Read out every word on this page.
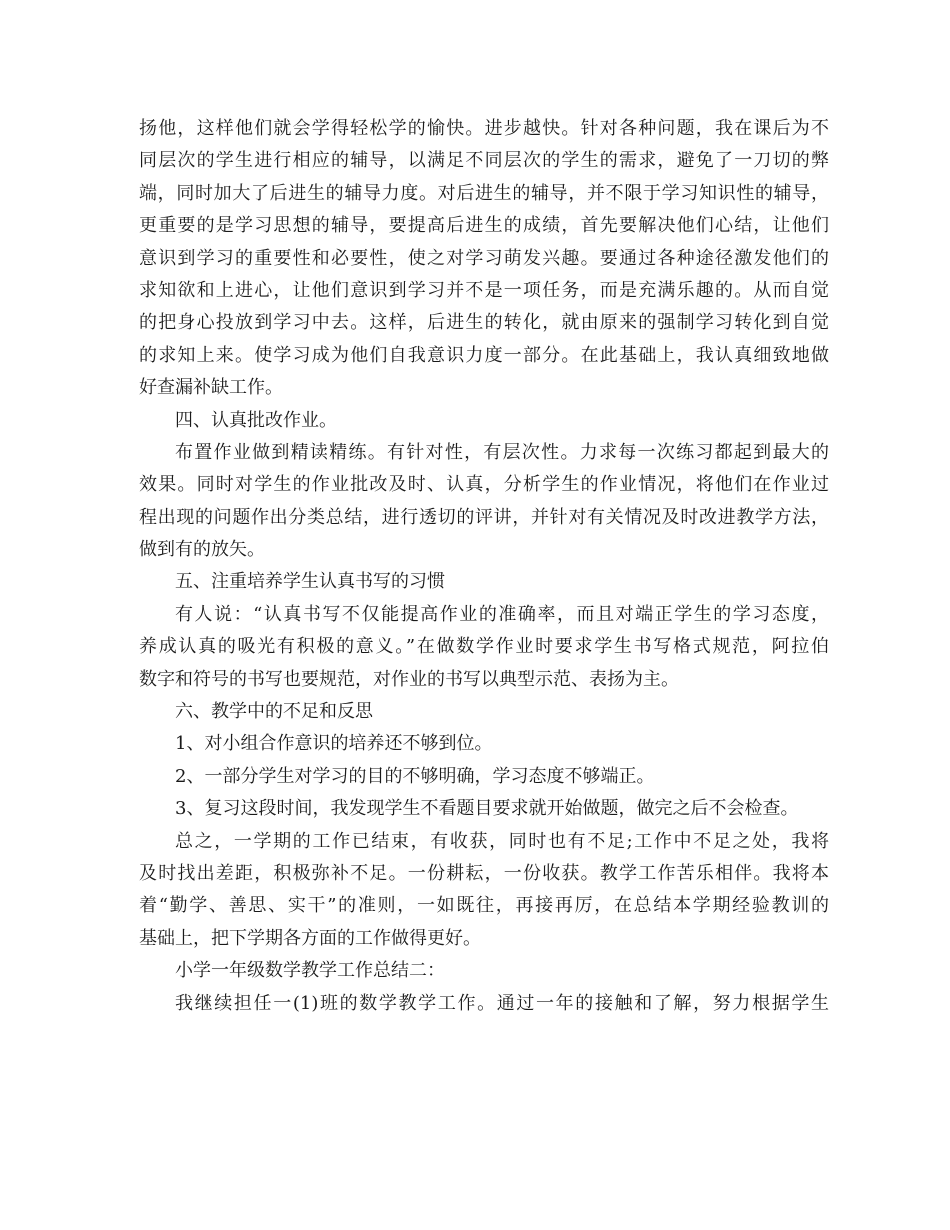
扬他，这样他们就会学得轻松学的愉快。进步越快。针对各种问题，我在课后为不
同层次的学生进行相应的辅导，以满足不同层次的学生的需求，避免了一刀切的弊
端，同时加大了后进生的辅导力度。对后进生的辅导，并不限于学习知识性的辅导，
更重要的是学习思想的辅导，要提高后进生的成绩，首先要解决他们心结，让他们
意识到学习的重要性和必要性，使之对学习萌发兴趣。要通过各种途径激发他们的
求知欲和上进心，让他们意识到学习并不是一项任务，而是充满乐趣的。从而自觉
的把身心投放到学习中去。这样，后进生的转化，就由原来的强制学习转化到自觉
的求知上来。使学习成为他们自我意识力度一部分。在此基础上，我认真细致地做
好查漏补缺工作。
四、认真批改作业。
布置作业做到精读精练。有针对性，有层次性。力求每一次练习都起到最大的
效果。同时对学生的作业批改及时、认真，分析学生的作业情况，将他们在作业过
程出现的问题作出分类总结，进行透切的评讲，并针对有关情况及时改进教学方法，
做到有的放矢。
五、注重培养学生认真书写的习惯
有人说：“认真书写不仅能提高作业的准确率，而且对端正学生的学习态度，
养成认真的吸光有积极的意义。”在做数学作业时要求学生书写格式规范，阿拉伯
数字和符号的书写也要规范，对作业的书写以典型示范、表扬为主。
六、教学中的不足和反思
1、对小组合作意识的培养还不够到位。
2、一部分学生对学习的目的不够明确，学习态度不够端正。
3、复习这段时间，我发现学生不看题目要求就开始做题，做完之后不会检查。
总之，一学期的工作已结束，有收获，同时也有不足;工作中不足之处，我将
及时找出差距，积极弥补不足。一份耕耘，一份收获。教学工作苦乐相伴。我将本
着“勤学、善思、实干”的准则，一如既往，再接再厉，在总结本学期经验教训的
基础上，把下学期各方面的工作做得更好。
小学一年级数学教学工作总结二：
我继续担任一(1)班的数学教学工作。通过一年的接触和了解，努力根据学生
